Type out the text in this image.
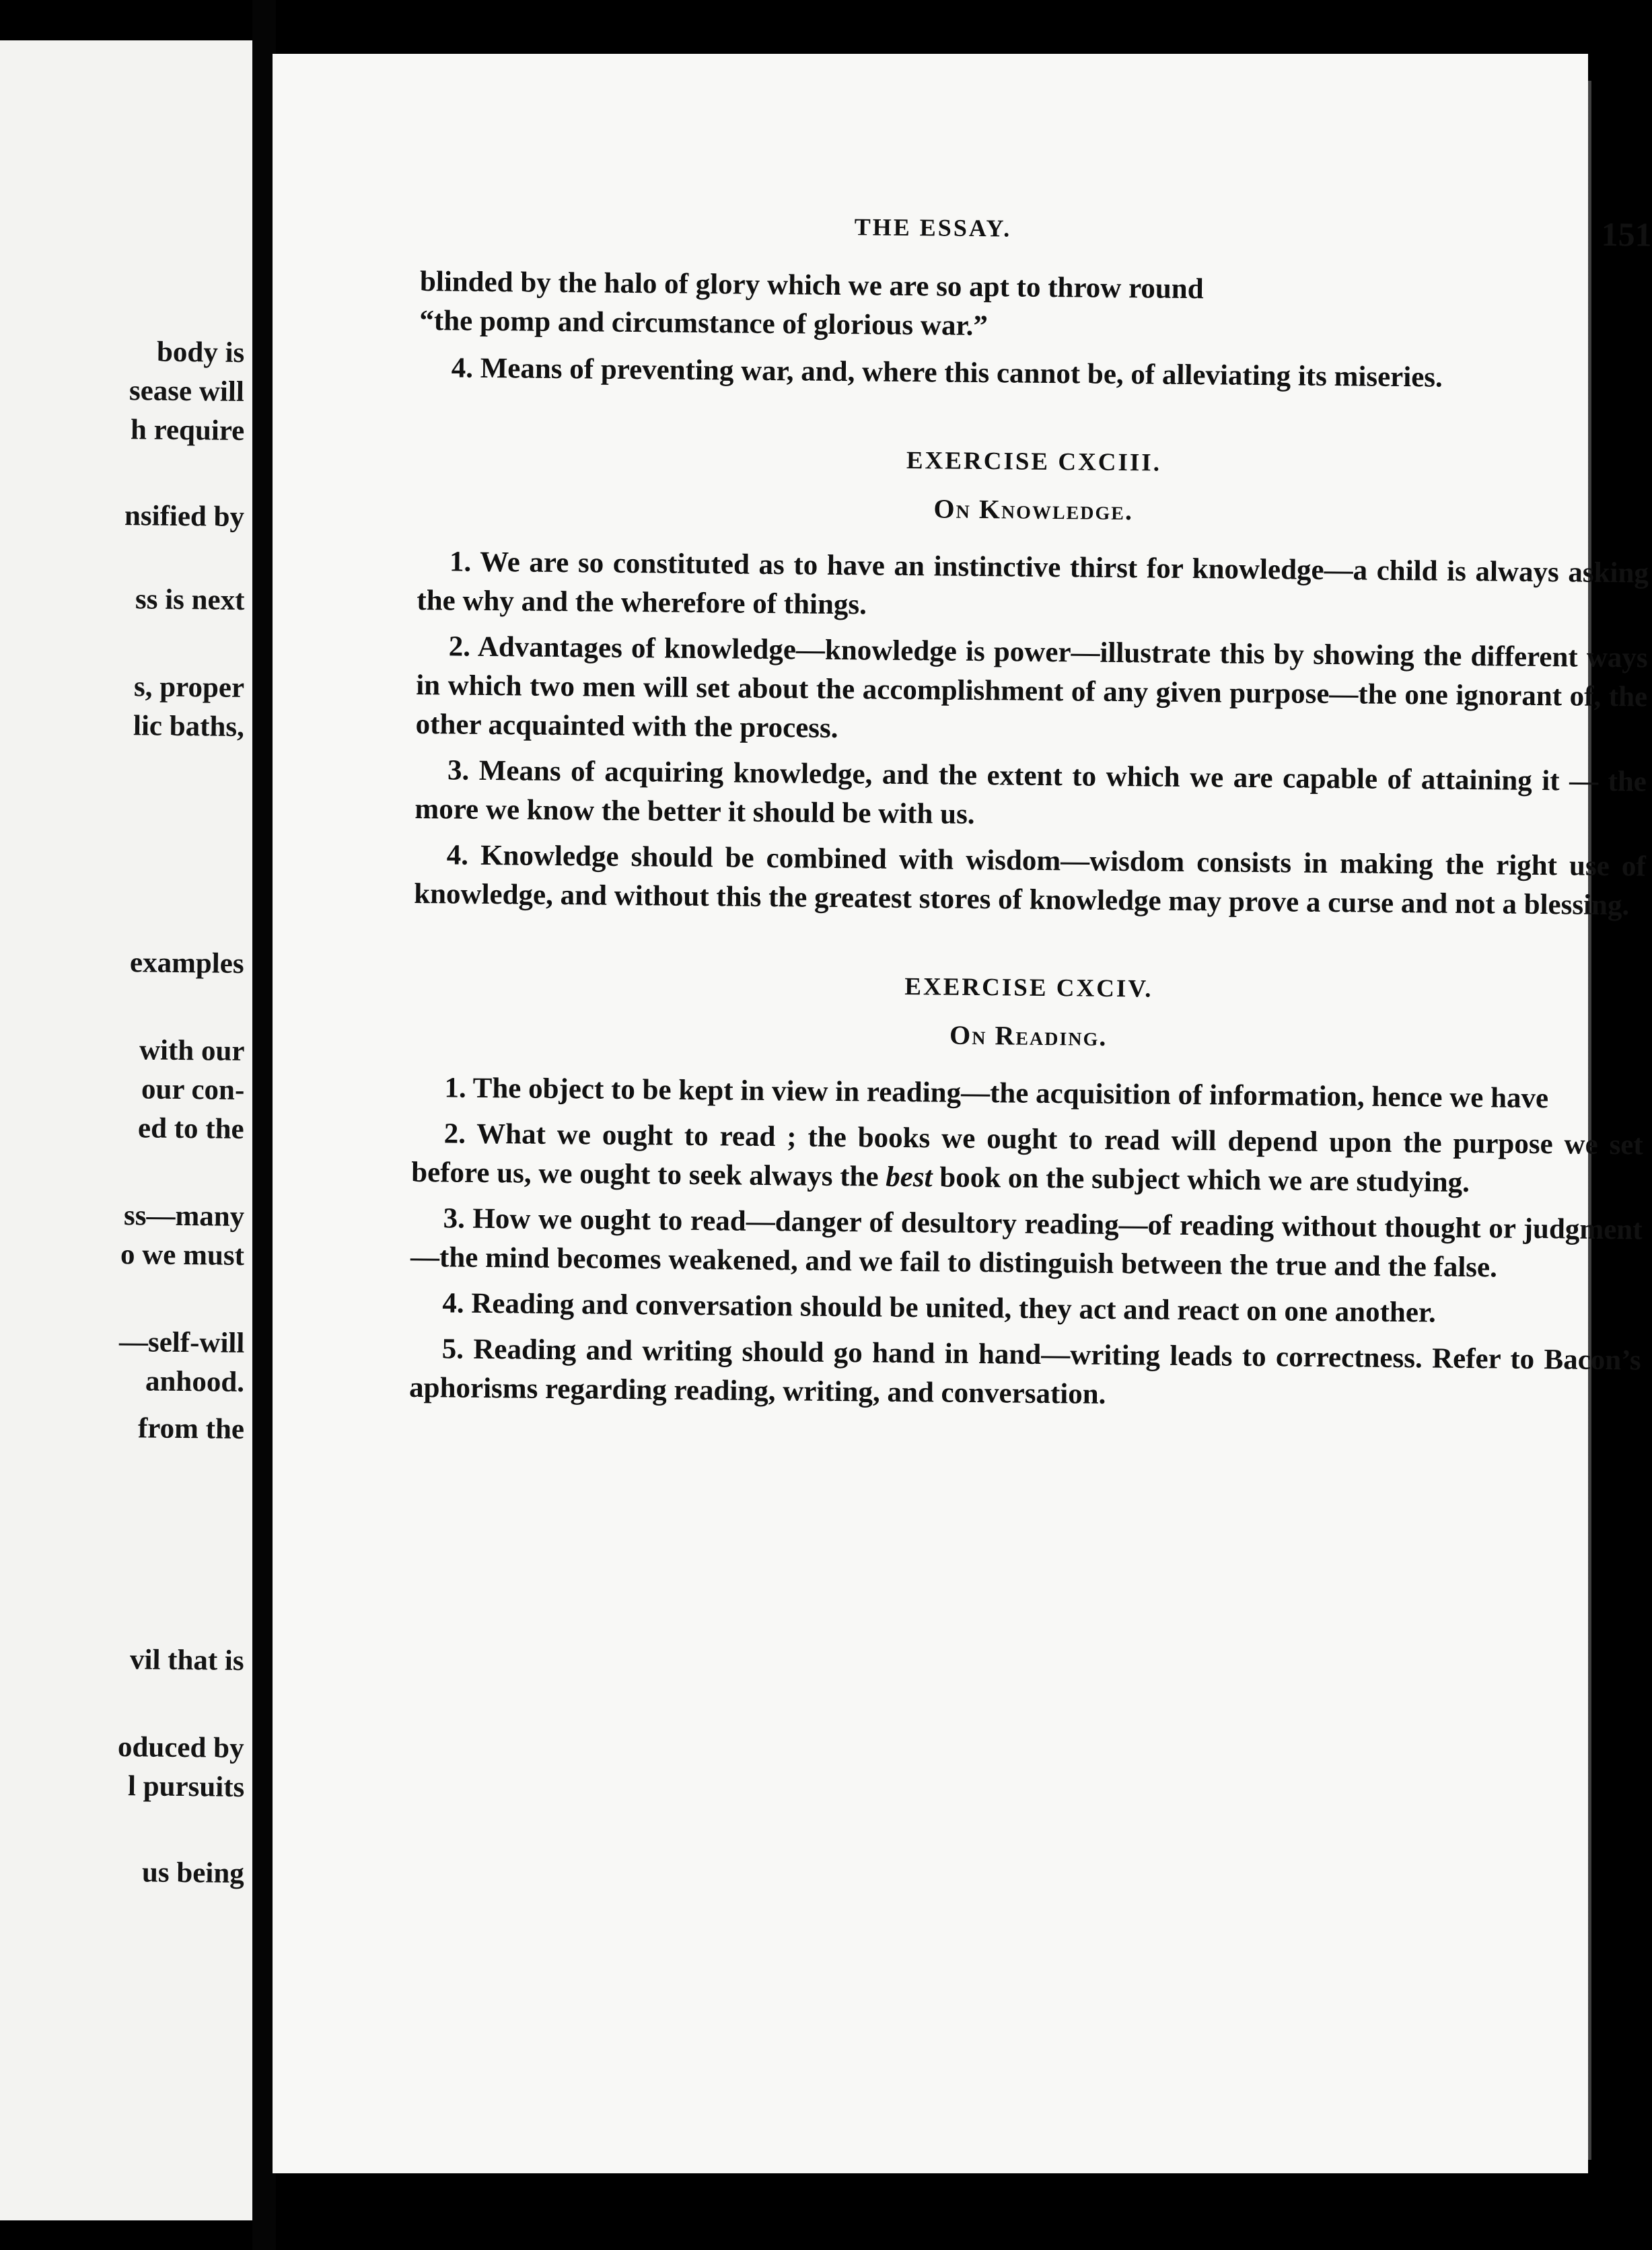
body is
sease will
h require
nsified by
ss is next
s, proper
lic baths,
examples
with our
our con-
ed to the
ss—many
o we must
—self-will
anhood.
from the
vil that is
oduced by
l pursuits
us being
THE ESSAY.	151

blinded by the halo of glory which we are so apt to throw round
“the pomp and circumstance of glorious war.”

4. Means of preventing war, and, where this cannot be, of alleviating its miseries.

EXERCISE CXCIII.
On Knowledge.

1. We are so constituted as to have an instinctive thirst for knowledge—a child is always asking the why and the wherefore of things.

2. Advantages of knowledge—knowledge is power—illustrate this by showing the different ways in which two men will set about the accomplishment of any given purpose—the one ignorant of, the other acquainted with the process.

3. Means of acquiring knowledge, and the extent to which we are capable of attaining it — the more we know the better it should be with us.

4. Knowledge should be combined with wisdom—wisdom consists in making the right use of knowledge, and without this the greatest stores of knowledge may prove a curse and not a blessing.

EXERCISE CXCIV.
On Reading.

1. The object to be kept in view in reading—the acquisition of information, hence we have

2. What we ought to read ; the books we ought to read will depend upon the purpose we set before us, we ought to seek always the best book on the subject which we are studying.

3. How we ought to read—danger of desultory reading—of reading without thought or judgment—the mind becomes weakened, and we fail to distinguish between the true and the false.

4. Reading and conversation should be united, they act and react on one another.

5. Reading and writing should go hand in hand—writing leads to correctness. Refer to Bacon’s aphorisms regarding reading, writing, and conversation.
